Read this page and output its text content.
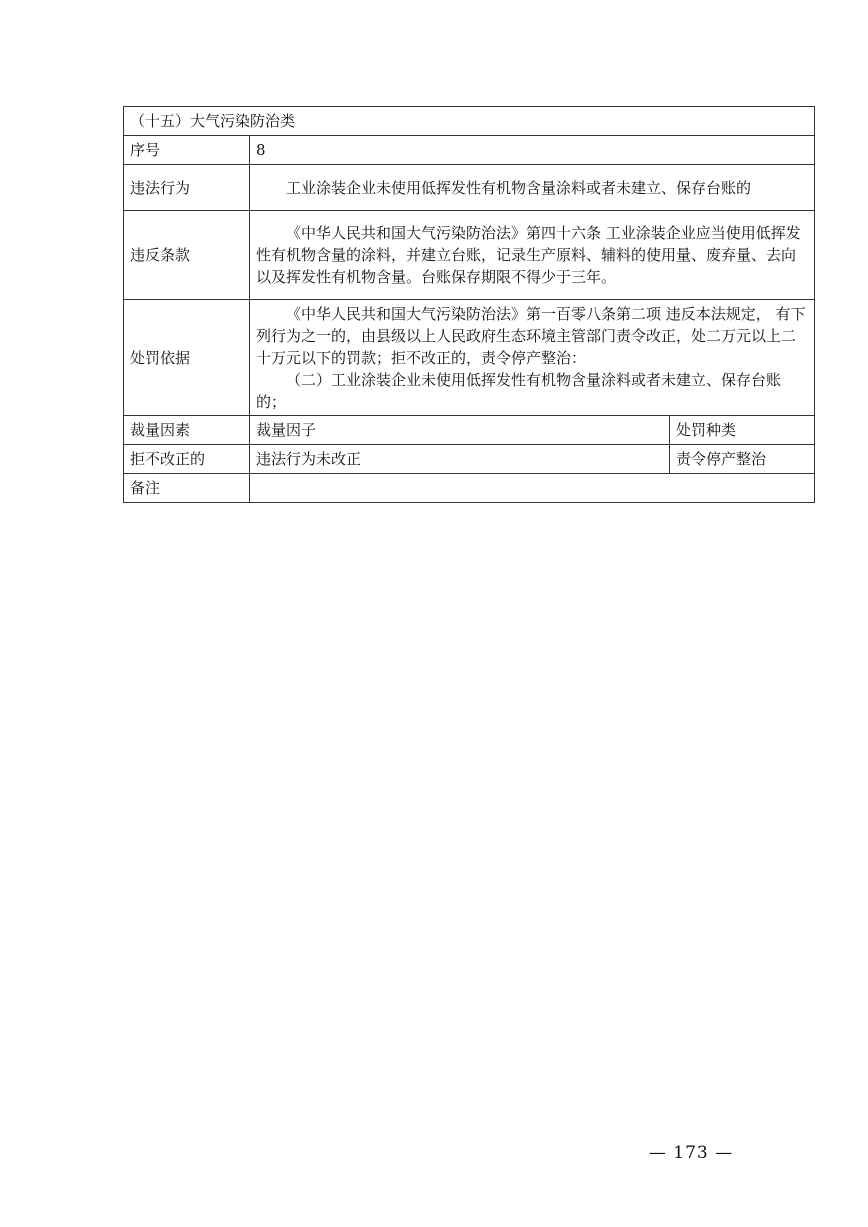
（十五）大气污染防治类		
序号	8	
违法行为	工业涂装企业未使用低挥发性有机物含量涂料或者未建立、保存台账的	

违反条款	《中华人民共和国大气污染防治法》第四十六条 工业涂装企业应当使用低挥发性有机物含量的涂料，并建立台账，记录生产原料、辅料的使用量、废弃量、去向以及挥发性有机物含量。台账保存期限不得少于三年。	

处罚依据	《中华人民共和国大气污染防治法》第一百零八条第二项 违反本法规定， 有下列行为之一的，由县级以上人民政府生态环境主管部门责令改正，处二万元以上二十万元以下的罚款；拒不改正的，责令停产整治：
（二）工业涂装企业未使用低挥发性有机物含量涂料或者未建立、保存台账的；	

裁量因素	裁量因子	处罚种类
拒不改正的	违法行为未改正	责令停产整治
备注		
— 173 —
